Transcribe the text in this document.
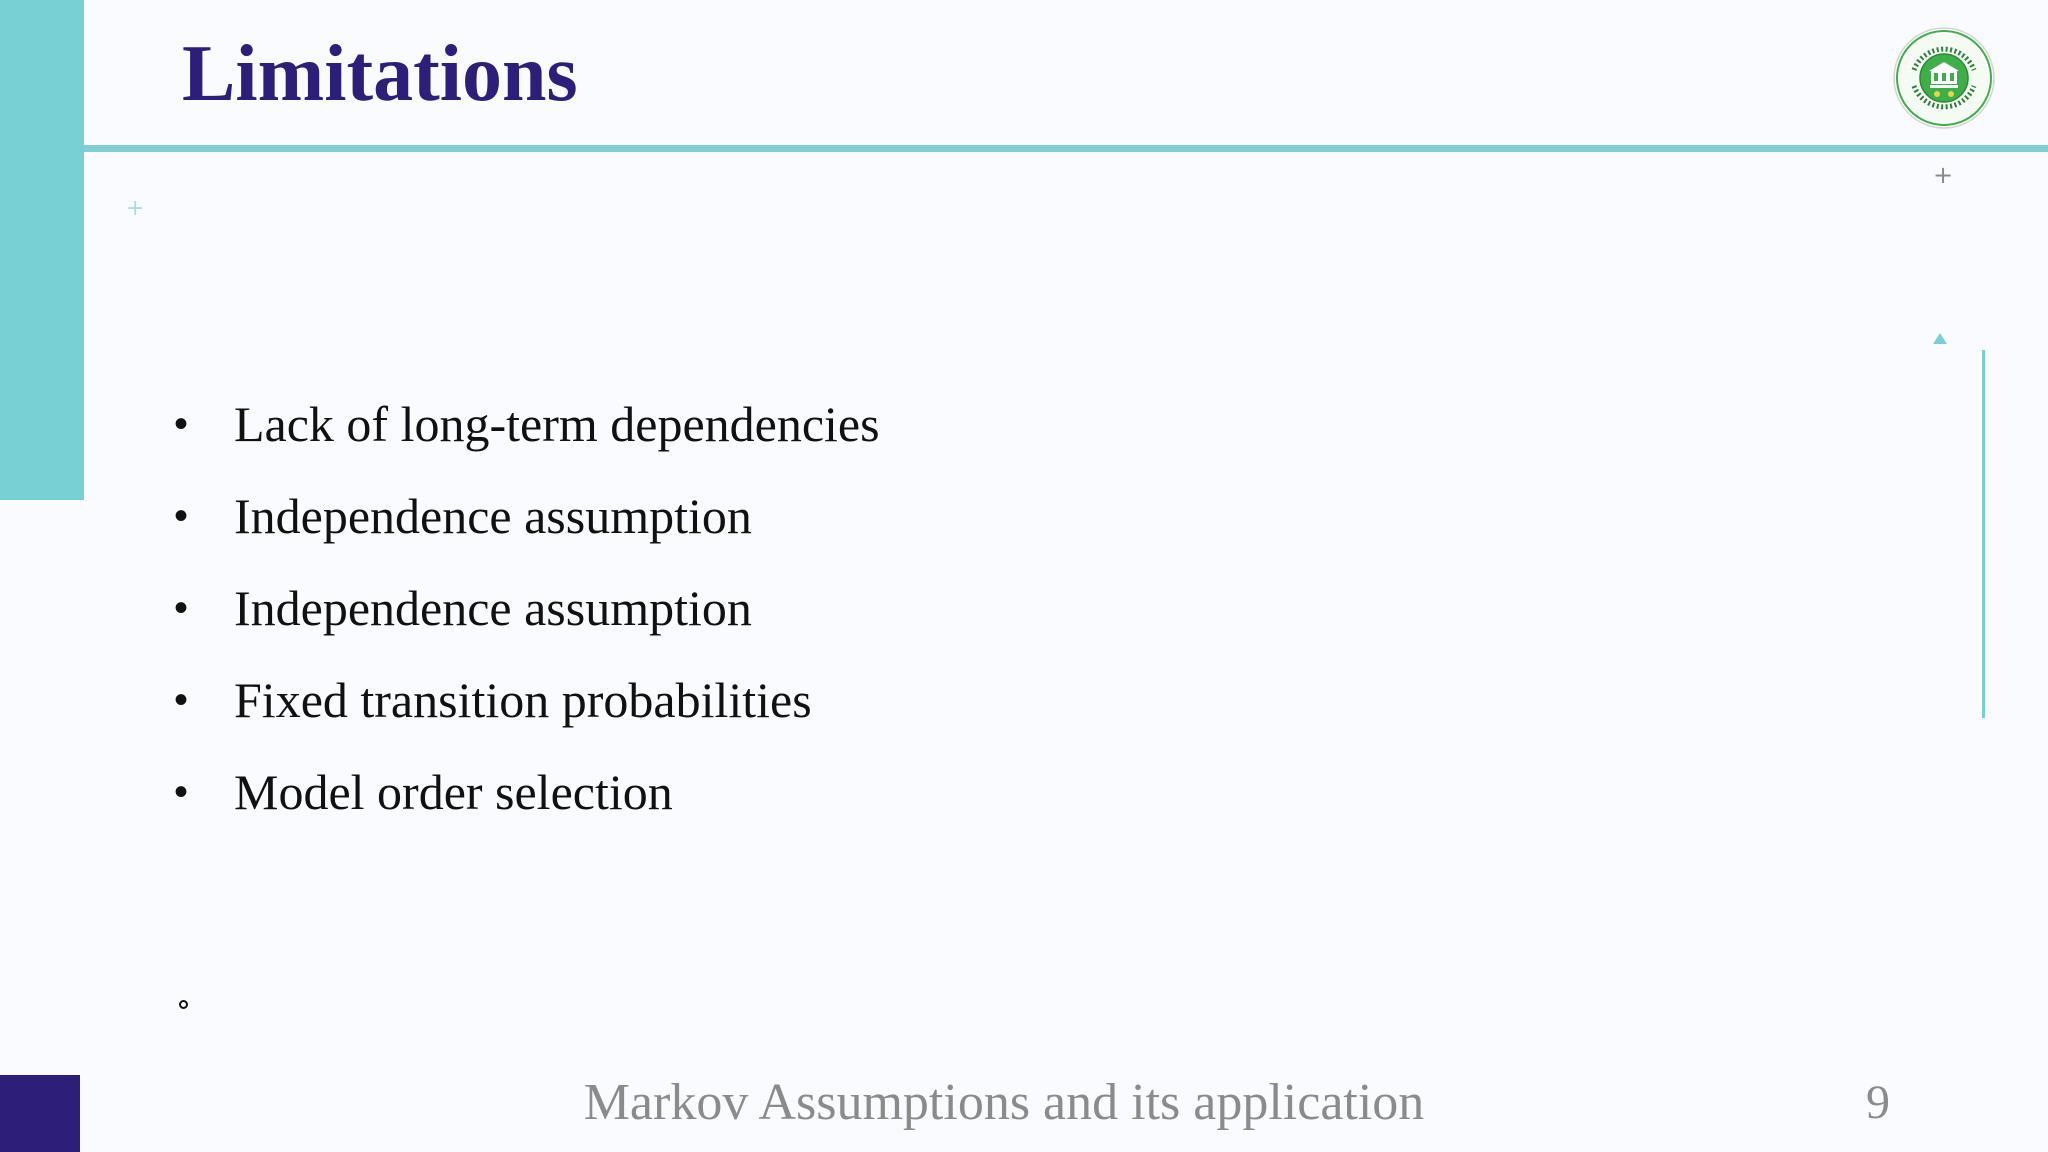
Limitations
+
+
• Lack of long-term dependencies
• Independence assumption
• Independence assumption
• Fixed transition probabilities
• Model order selection
Markov Assumptions and its application	9
